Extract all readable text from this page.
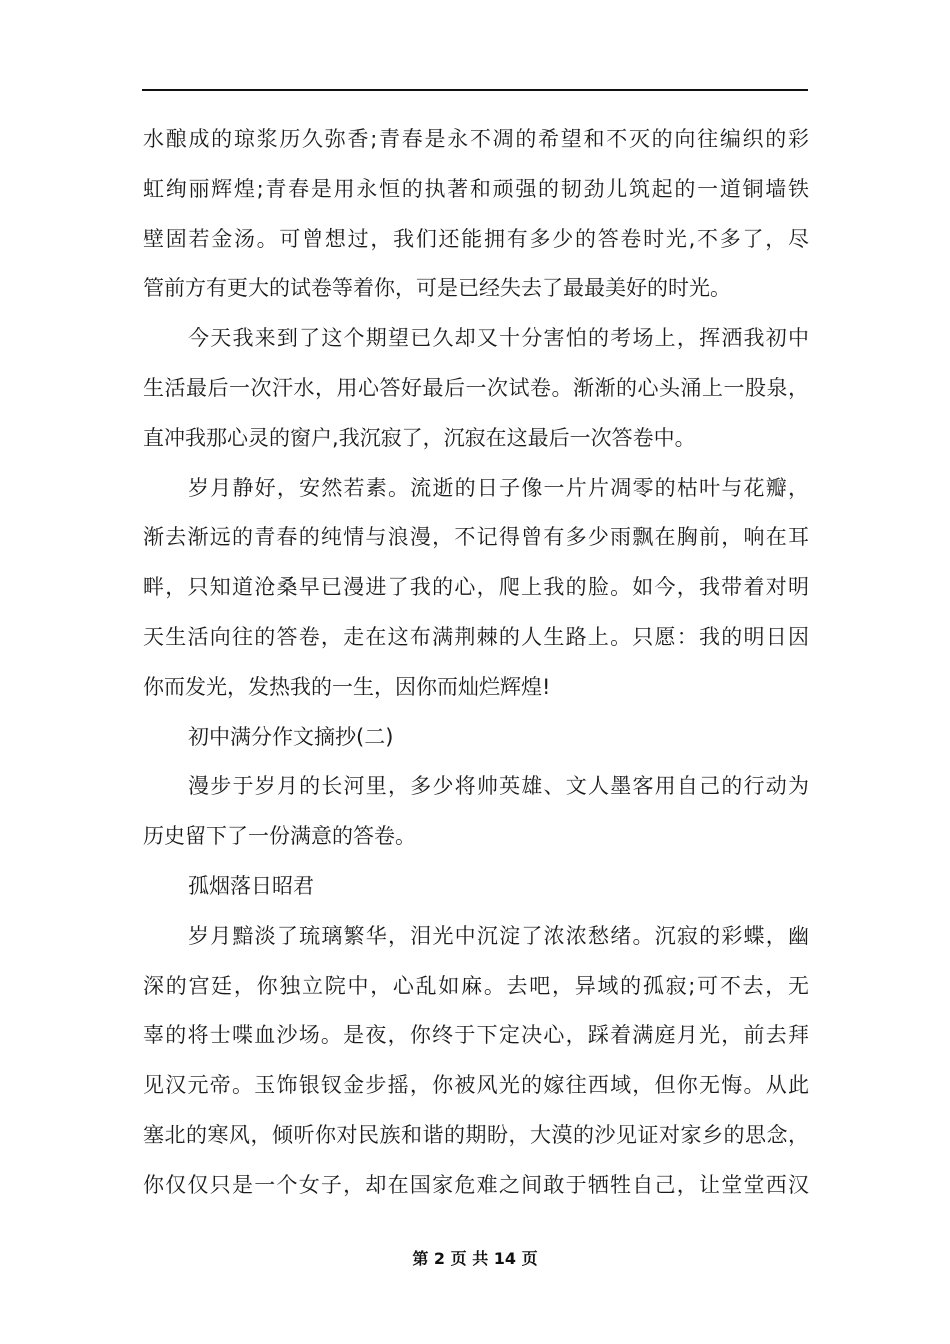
水酿成的琼浆历久弥香;青春是永不凋的希望和不灭的向往编织的彩
虹绚丽辉煌;青春是用永恒的执著和顽强的韧劲儿筑起的一道铜墙铁
壁固若金汤。可曾想过，我们还能拥有多少的答卷时光,不多了，尽
管前方有更大的试卷等着你，可是已经失去了最最美好的时光。
今天我来到了这个期望已久却又十分害怕的考场上，挥洒我初中
生活最后一次汗水，用心答好最后一次试卷。渐渐的心头涌上一股泉，
直冲我那心灵的窗户,我沉寂了，沉寂在这最后一次答卷中。
岁月静好，安然若素。流逝的日子像一片片凋零的枯叶与花瓣，
渐去渐远的青春的纯情与浪漫，不记得曾有多少雨飘在胸前，响在耳
畔，只知道沧桑早已漫进了我的心，爬上我的脸。如今，我带着对明
天生活向往的答卷，走在这布满荆棘的人生路上。只愿：我的明日因
你而发光，发热我的一生，因你而灿烂辉煌!
初中满分作文摘抄(二)
漫步于岁月的长河里，多少将帅英雄、文人墨客用自己的行动为
历史留下了一份满意的答卷。
孤烟落日昭君
岁月黯淡了琉璃繁华，泪光中沉淀了浓浓愁绪。沉寂的彩蝶，幽
深的宫廷，你独立院中，心乱如麻。去吧，异域的孤寂;可不去，无
辜的将士喋血沙场。是夜，你终于下定决心，踩着满庭月光，前去拜
见汉元帝。玉饰银钗金步摇，你被风光的嫁往西域，但你无悔。从此
塞北的寒风，倾听你对民族和谐的期盼，大漠的沙见证对家乡的思念，
你仅仅只是一个女子，却在国家危难之间敢于牺牲自己，让堂堂西汉
第 2 页 共 14 页
